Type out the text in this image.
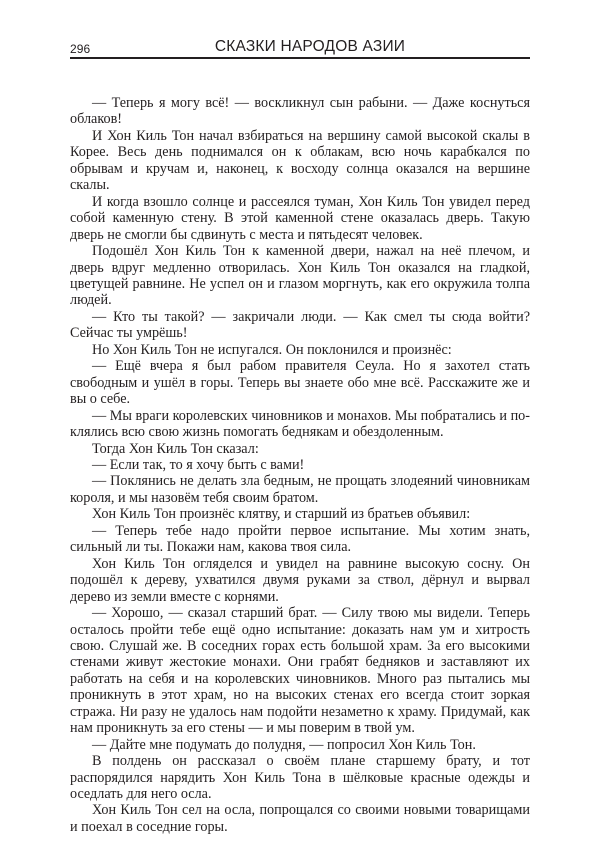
296	СКАЗКИ НАРОДОВ АЗИИ

— Теперь я могу всё! — воскликнул сын рабыни. — Даже коснуться облаков!

И Хон Киль Тон начал взбираться на вершину самой высокой скалы в Корее. Весь день поднимался он к облакам, всю ночь карабкался по обрывам и кручам и, наконец, к восходу солнца оказался на вершине скалы.

И когда взошло солнце и рассеялся туман, Хон Киль Тон увидел перед собой каменную стену. В этой каменной стене оказалась дверь. Такую дверь не смогли бы сдвинуть с места и пятьдесят человек.

Подошёл Хон Киль Тон к каменной двери, нажал на неё плечом, и дверь вдруг медленно отворилась. Хон Киль Тон оказался на гладкой, цветущей равнине. Не успел он и глазом моргнуть, как его окружила толпа людей.

— Кто ты такой? — закричали люди. — Как смел ты сюда войти? Сейчас ты умрёшь!

Но Хон Киль Тон не испугался. Он поклонился и произнёс:

— Ещё вчера я был рабом правителя Сеула. Но я захотел стать свободным и ушёл в горы. Теперь вы знаете обо мне всё. Расскажите же и вы о себе.

— Мы враги королевских чиновников и монахов. Мы побратались и поклялись всю свою жизнь помогать беднякам и обездоленным.

Тогда Хон Киль Тон сказал:

— Если так, то я хочу быть с вами!

— Поклянись не делать зла бедным, не прощать злодеяний чиновникам короля, и мы назовём тебя своим братом.

Хон Киль Тон произнёс клятву, и старший из братьев объявил:

— Теперь тебе надо пройти первое испытание. Мы хотим знать, сильный ли ты. Покажи нам, какова твоя сила.

Хон Киль Тон огляделся и увидел на равнине высокую сосну. Он подошёл к дереву, ухватился двумя руками за ствол, дёрнул и вырвал дерево из земли вместе с корнями.

— Хорошо, — сказал старший брат. — Силу твою мы видели. Теперь осталось пройти тебе ещё одно испытание: доказать нам ум и хитрость свою. Слушай же. В соседних горах есть большой храм. За его высокими стенами живут жестокие монахи. Они грабят бедняков и заставляют их работать на себя и на королевских чиновников. Много раз пытались мы проникнуть в этот храм, но на высоких стенах его всегда стоит зоркая стража. Ни разу не удалось нам подойти незаметно к храму. Придумай, как нам проникнуть за его стены — и мы поверим в твой ум.

— Дайте мне подумать до полудня, — попросил Хон Киль Тон.

В полдень он рассказал о своём плане старшему брату, и тот распорядился нарядить Хон Киль Тона в шёлковые красные одежды и оседлать для него осла.

Хон Киль Тон сел на осла, попрощался со своими новыми товарищами и поехал в соседние горы.
